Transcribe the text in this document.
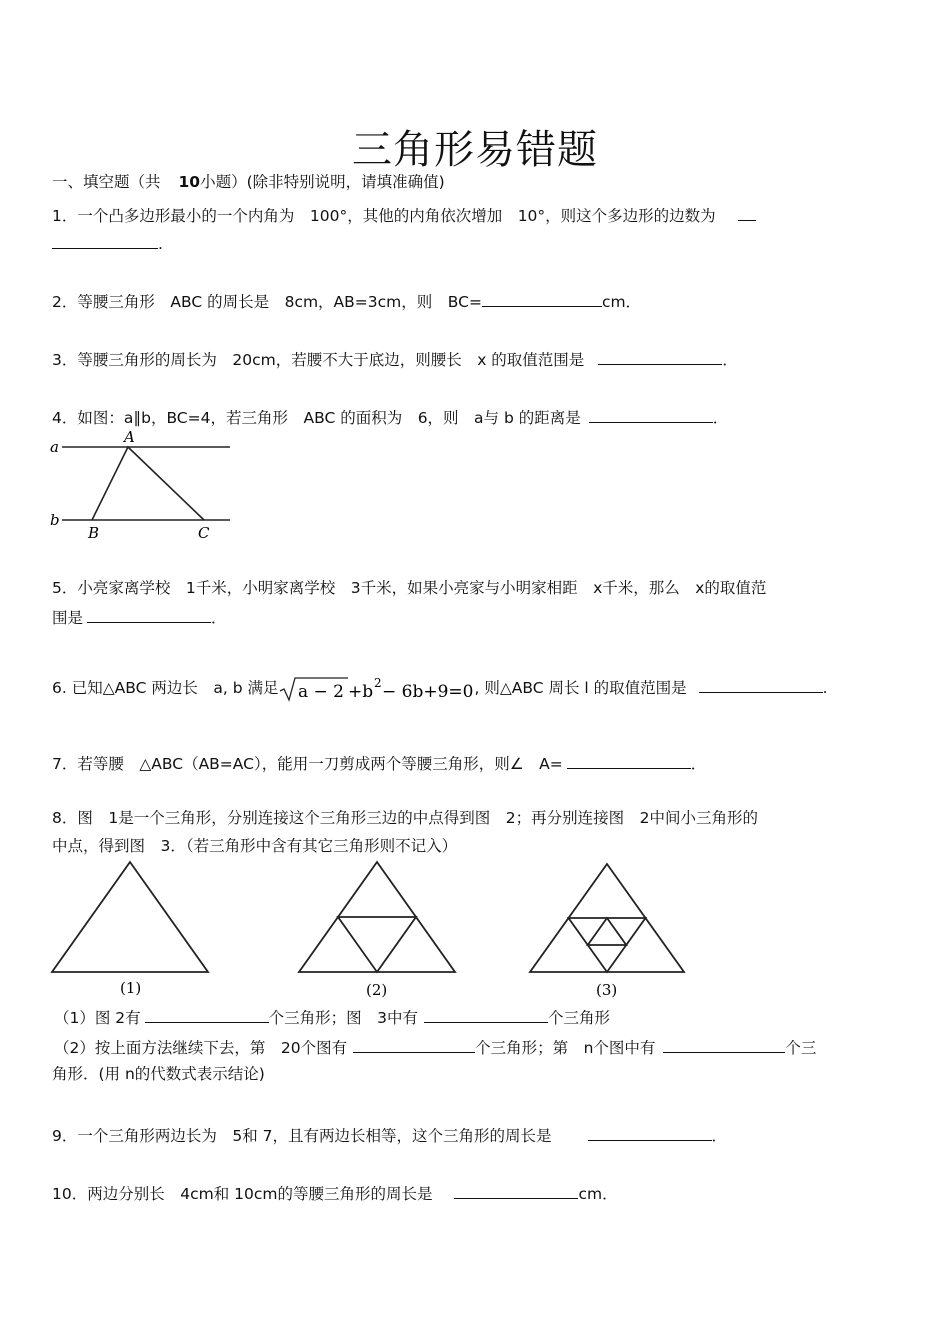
三角形易错题
一、填空题（共 10小题）(除非特别说明，请填准确值)
1．一个凸多边形最小的一个内角为　100°，其他的内角依次增加　10°，则这个多边形的边数为
.
2．等腰三角形　ABC 的周长是　8cm，AB=3cm，则　BC=	cm．
3．等腰三角形的周长为　20cm，若腰不大于底边，则腰长　x 的取值范围是	．
4．如图：a∥b，BC=4，若三角形　ABC 的面积为　6，则　a与 b 的距离是	．
a
b
A
B	C
5．小亮家离学校　1千米，小明家离学校　3千米，如果小亮家与小明家相距　x千米，那么　x的取值范
围是	．
6. 已知△ABC 两边长　a, b 满足 a − 2 +b 2 − 6b+9=0 , 则△ABC 周长 l 的取值范围是	.
7．若等腰　△ABC（AB=AC），能用一刀剪成两个等腰三角形，则∠　A=	．
8．图　1是一个三角形，分别连接这个三角形三边的中点得到图　2；再分别连接图　2中间小三角形的
中点，得到图　3．（若三角形中含有其它三角形则不记入）
(1)	(2)	(3)
（1）图 2有	个三角形；图　3中有	个三角形
（2）按上面方法继续下去，第　20个图有	个三角形；第　n个图中有	个三
角形．(用 n的代数式表示结论)
9．一个三角形两边长为　5和 7，且有两边长相等，这个三角形的周长是	．
10．两边分别长　4cm和 10cm的等腰三角形的周长是	cm．
